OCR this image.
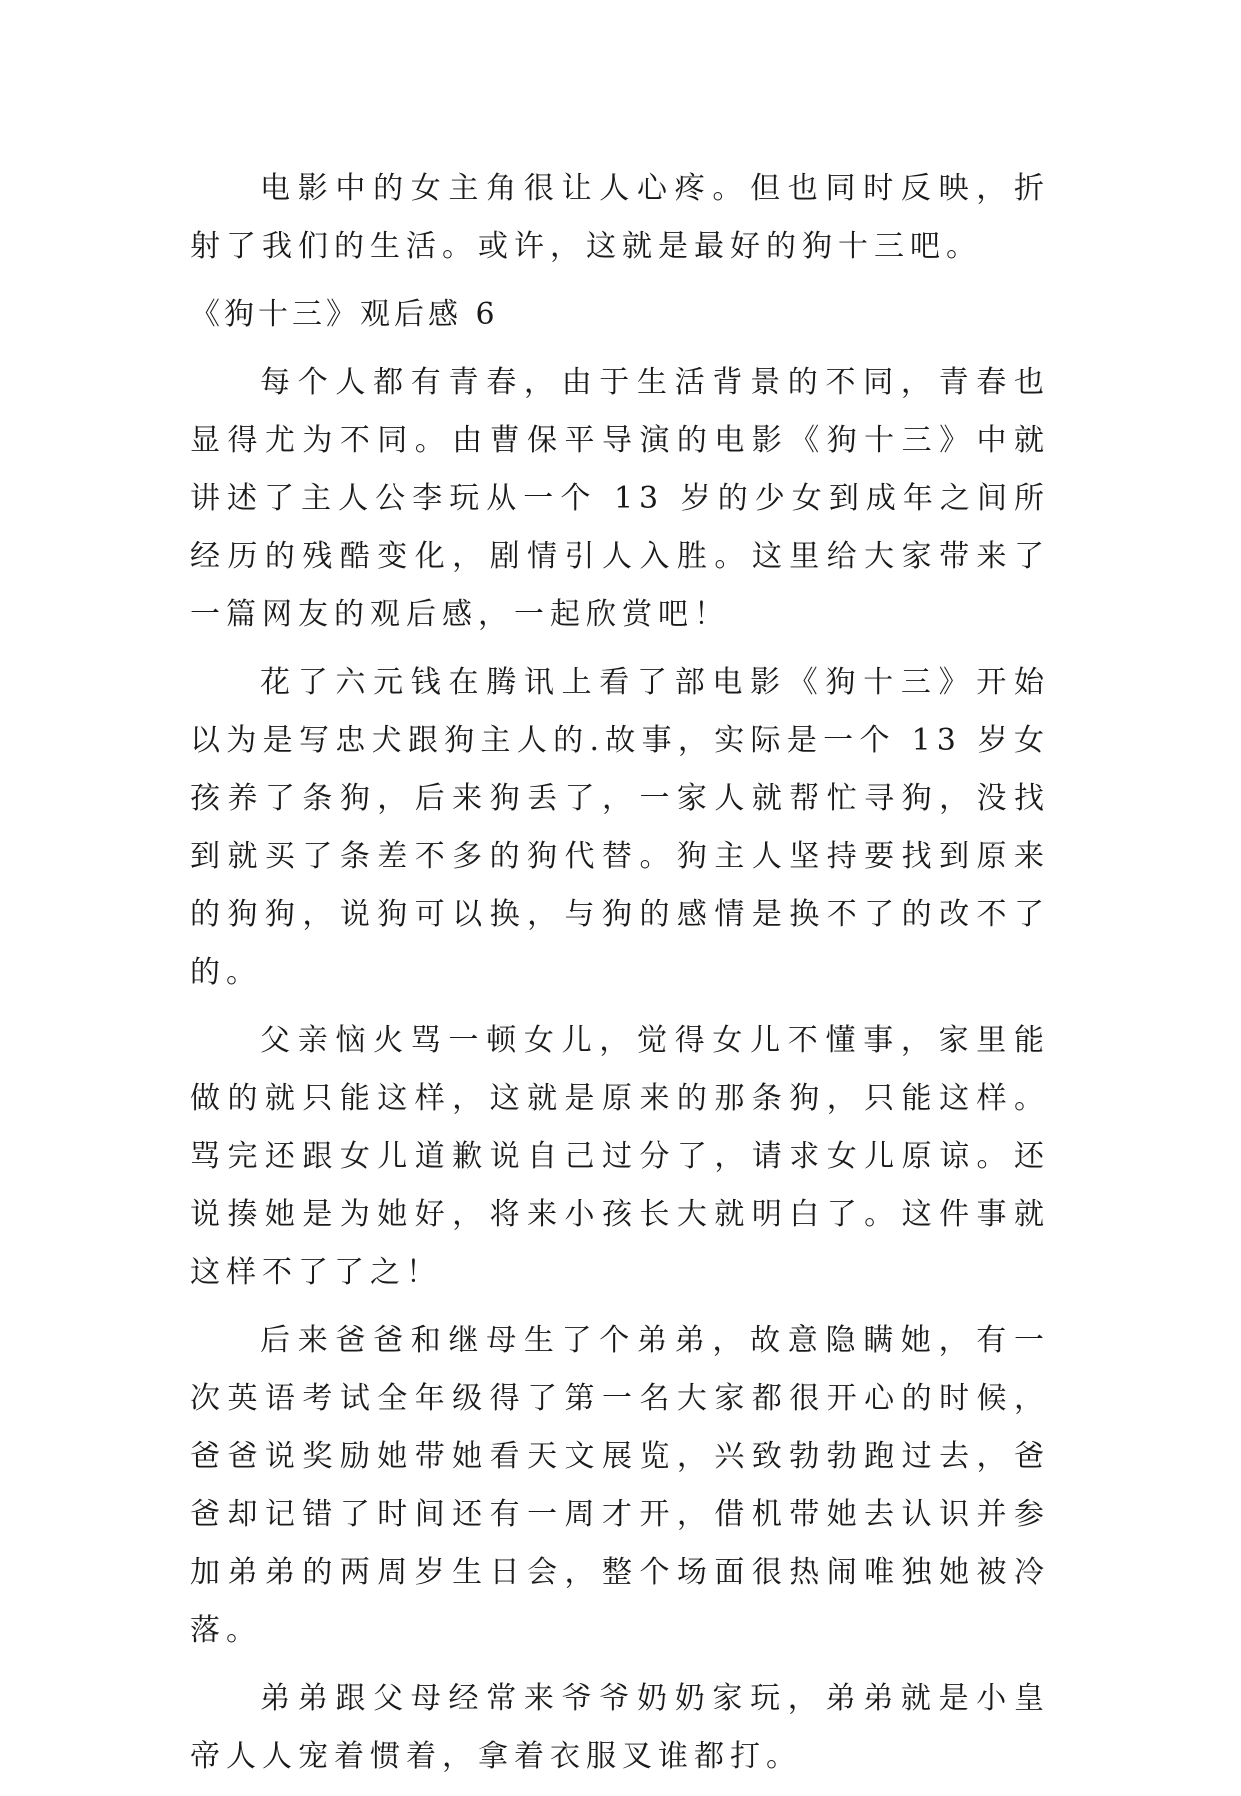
电影中的女主角很让人心疼。但也同时反映，折射了我们的生活。或许，这就是最好的狗十三吧。

《狗十三》观后感 6

每个人都有青春，由于生活背景的不同，青春也显得尤为不同。由曹保平导演的电影《狗十三》中就讲述了主人公李玩从一个 13 岁的少女到成年之间所经历的残酷变化，剧情引人入胜。这里给大家带来了一篇网友的观后感，一起欣赏吧！

花了六元钱在腾讯上看了部电影《狗十三》开始以为是写忠犬跟狗主人的.故事，实际是一个 13 岁女孩养了条狗，后来狗丢了，一家人就帮忙寻狗，没找到就买了条差不多的狗代替。狗主人坚持要找到原来的狗狗，说狗可以换，与狗的感情是换不了的改不了的。

父亲恼火骂一顿女儿，觉得女儿不懂事，家里能做的就只能这样，这就是原来的那条狗，只能这样。骂完还跟女儿道歉说自己过分了，请求女儿原谅。还说揍她是为她好，将来小孩长大就明白了。这件事就这样不了了之！

后来爸爸和继母生了个弟弟，故意隐瞒她，有一次英语考试全年级得了第一名大家都很开心的时候，爸爸说奖励她带她看天文展览，兴致勃勃跑过去，爸爸却记错了时间还有一周才开，借机带她去认识并参加弟弟的两周岁生日会，整个场面很热闹唯独她被冷落。

弟弟跟父母经常来爷爷奶奶家玩，弟弟就是小皇帝人人宠着惯着，拿着衣服叉谁都打。
